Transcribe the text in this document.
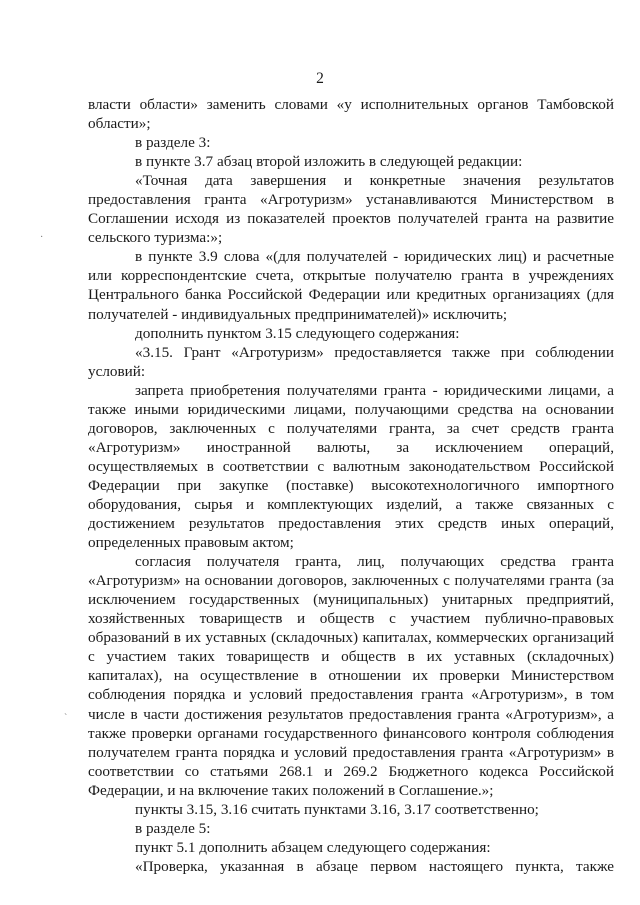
2

власти области» заменить словами «у исполнительных органов Тамбовской области»;

в разделе 3:

в пункте 3.7 абзац второй изложить в следующей редакции:

«Точная дата завершения и конкретные значения результатов предоставления гранта «Агротуризм» устанавливаются Министерством в Соглашении исходя из показателей проектов получателей гранта на развитие сельского туризма:»;

в пункте 3.9 слова «(для получателей - юридических лиц) и расчетные или корреспондентские счета, открытые получателю гранта в учреждениях Центрального банка Российской Федерации или кредитных организациях (для получателей - индивидуальных предпринимателей)» исключить;

дополнить пунктом 3.15 следующего содержания:

«3.15. Грант «Агротуризм» предоставляется также при соблюдении условий:

запрета приобретения получателями гранта - юридическими лицами, а также иными юридическими лицами, получающими средства на основании договоров, заключенных с получателями гранта, за счет средств гранта «Агротуризм» иностранной валюты, за исключением операций, осуществляемых в соответствии с валютным законодательством Российской Федерации при закупке (поставке) высокотехнологичного импортного оборудования, сырья и комплектующих изделий, а также связанных с достижением результатов предоставления этих средств иных операций, определенных правовым актом;

согласия получателя гранта, лиц, получающих средства гранта «Агротуризм» на основании договоров, заключенных с получателями гранта (за исключением государственных (муниципальных) унитарных предприятий, хозяйственных товариществ и обществ с участием публично-правовых образований в их уставных (складочных) капиталах, коммерческих организаций с участием таких товариществ и обществ в их уставных (складочных) капиталах), на осуществление в отношении их проверки Министерством соблюдения порядка и условий предоставления гранта «Агротуризм», в том числе в части достижения результатов предоставления гранта «Агротуризм», а также проверки органами государственного финансового контроля соблюдения получателем гранта порядка и условий предоставления гранта «Агротуризм» в соответствии со статьями 268.1 и 269.2 Бюджетного кодекса Российской Федерации, и на включение таких положений в Соглашение.»;

пункты 3.15, 3.16 считать пунктами 3.16, 3.17 соответственно;

в разделе 5:

пункт 5.1 дополнить абзацем следующего содержания:

«Проверка, указанная в абзаце первом настоящего пункта, также

·
`
